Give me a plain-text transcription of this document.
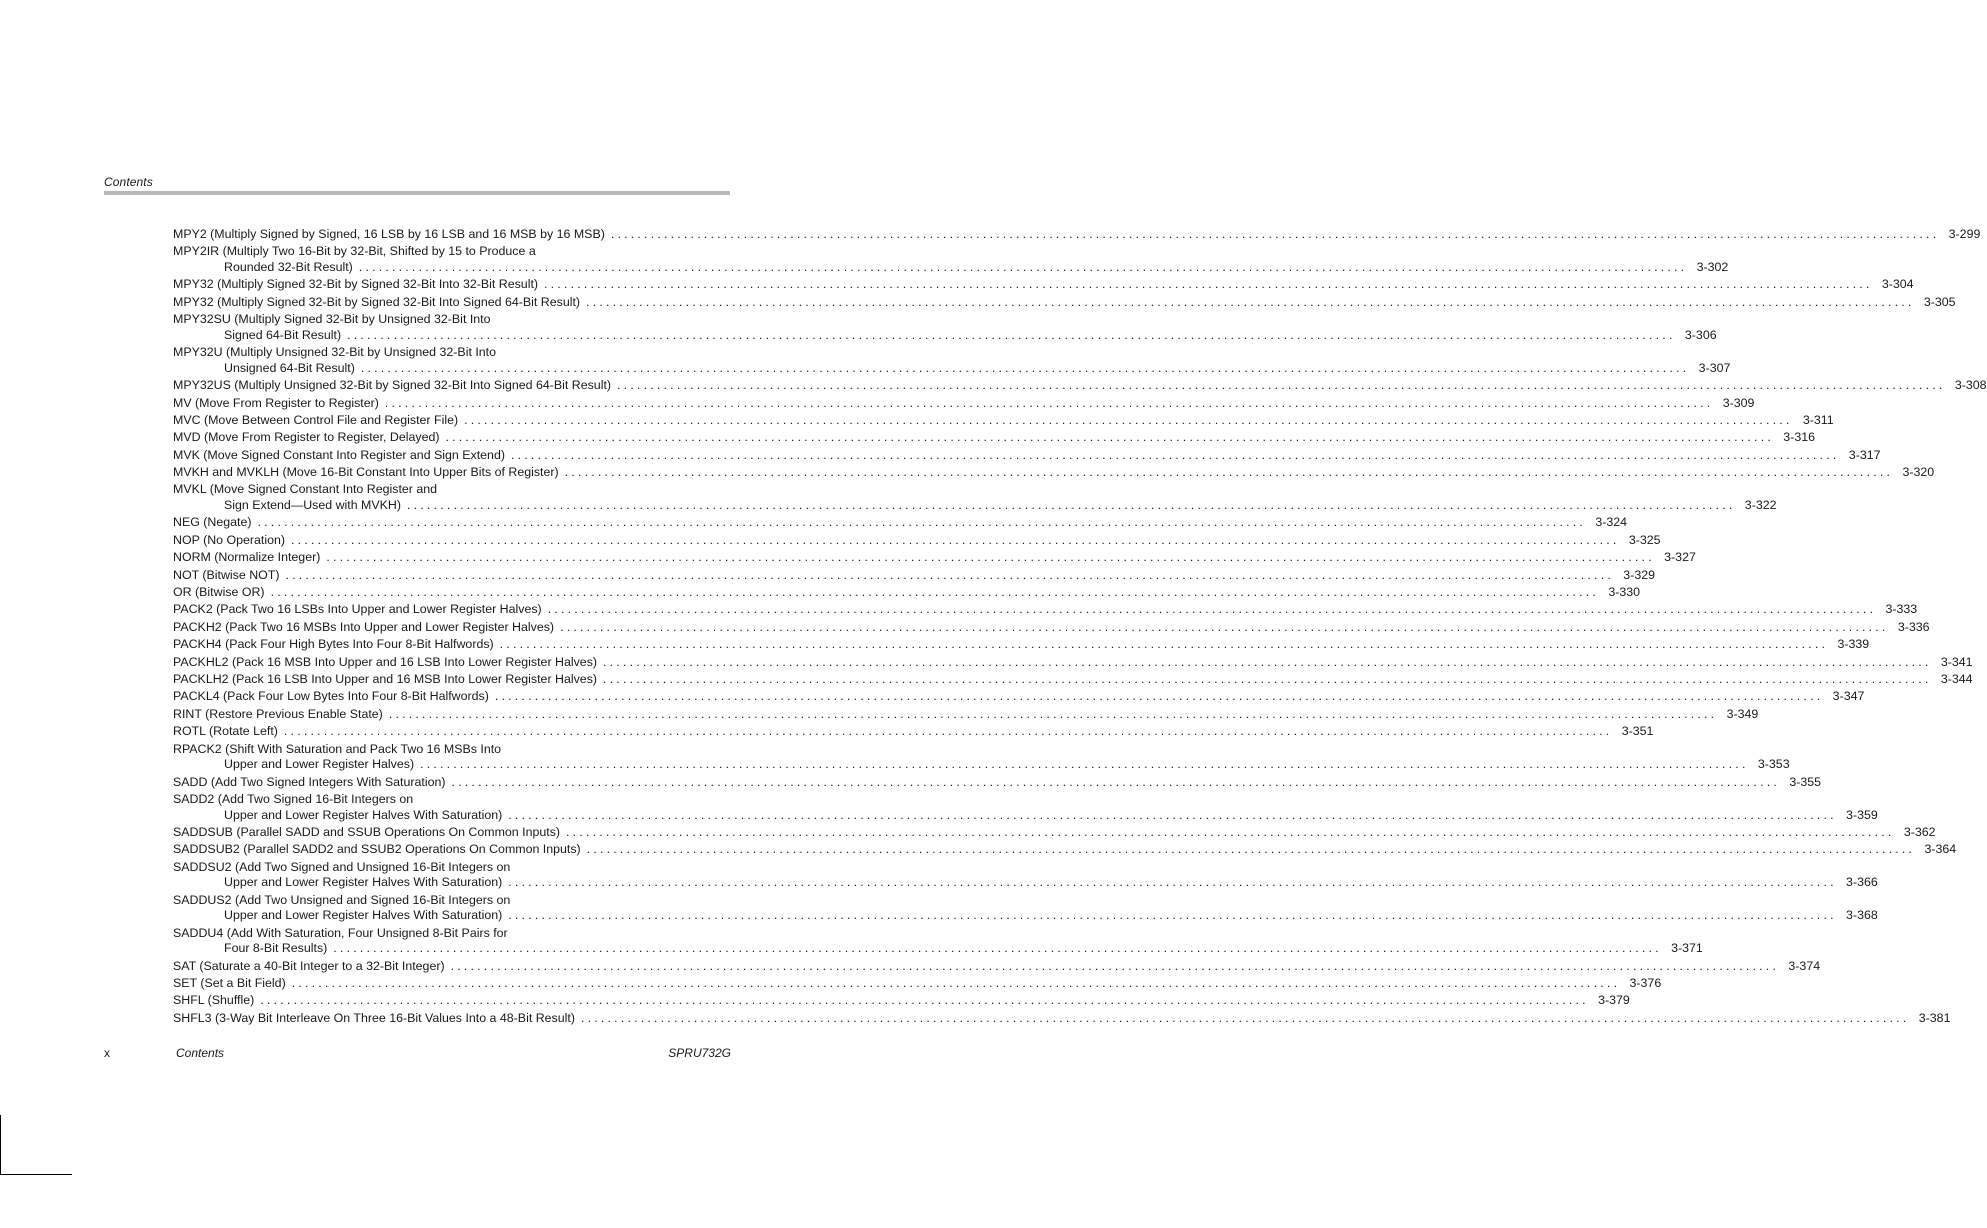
Contents
MPY2 (Multiply Signed by Signed, 16 LSB by 16 LSB and 16 MSB by 16 MSB) ........................................................................................................................................................................................................ 3-299
MPY2IR (Multiply Two 16-Bit by 32-Bit, Shifted by 15 to Produce a
Rounded 32-Bit Result) ........................................................................................................................................................................................................ 3-302
MPY32 (Multiply Signed 32-Bit by Signed 32-Bit Into 32-Bit Result) ........................................................................................................................................................................................................ 3-304
MPY32 (Multiply Signed 32-Bit by Signed 32-Bit Into Signed 64-Bit Result) ........................................................................................................................................................................................................ 3-305
MPY32SU (Multiply Signed 32-Bit by Unsigned 32-Bit Into
Signed 64-Bit Result) ........................................................................................................................................................................................................ 3-306
MPY32U (Multiply Unsigned 32-Bit by Unsigned 32-Bit Into
Unsigned 64-Bit Result) ........................................................................................................................................................................................................ 3-307
MPY32US (Multiply Unsigned 32-Bit by Signed 32-Bit Into Signed 64-Bit Result) ........................................................................................................................................................................................................ 3-308
MV (Move From Register to Register) ........................................................................................................................................................................................................ 3-309
MVC (Move Between Control File and Register File) ........................................................................................................................................................................................................ 3-311
MVD (Move From Register to Register, Delayed) ........................................................................................................................................................................................................ 3-316
MVK (Move Signed Constant Into Register and Sign Extend) ........................................................................................................................................................................................................ 3-317
MVKH and MVKLH (Move 16-Bit Constant Into Upper Bits of Register) ........................................................................................................................................................................................................ 3-320
MVKL (Move Signed Constant Into Register and
Sign Extend—Used with MVKH) ........................................................................................................................................................................................................ 3-322
NEG (Negate) ........................................................................................................................................................................................................ 3-324
NOP (No Operation) ........................................................................................................................................................................................................ 3-325
NORM (Normalize Integer) ........................................................................................................................................................................................................ 3-327
NOT (Bitwise NOT) ........................................................................................................................................................................................................ 3-329
OR (Bitwise OR) ........................................................................................................................................................................................................ 3-330
PACK2 (Pack Two 16 LSBs Into Upper and Lower Register Halves) ........................................................................................................................................................................................................ 3-333
PACKH2 (Pack Two 16 MSBs Into Upper and Lower Register Halves) ........................................................................................................................................................................................................ 3-336
PACKH4 (Pack Four High Bytes Into Four 8-Bit Halfwords) ........................................................................................................................................................................................................ 3-339
PACKHL2 (Pack 16 MSB Into Upper and 16 LSB Into Lower Register Halves) ........................................................................................................................................................................................................ 3-341
PACKLH2 (Pack 16 LSB Into Upper and 16 MSB Into Lower Register Halves) ........................................................................................................................................................................................................ 3-344
PACKL4 (Pack Four Low Bytes Into Four 8-Bit Halfwords) ........................................................................................................................................................................................................ 3-347
RINT (Restore Previous Enable State) ........................................................................................................................................................................................................ 3-349
ROTL (Rotate Left) ........................................................................................................................................................................................................ 3-351
RPACK2 (Shift With Saturation and Pack Two 16 MSBs Into
Upper and Lower Register Halves) ........................................................................................................................................................................................................ 3-353
SADD (Add Two Signed Integers With Saturation) ........................................................................................................................................................................................................ 3-355
SADD2 (Add Two Signed 16-Bit Integers on
Upper and Lower Register Halves With Saturation) ........................................................................................................................................................................................................ 3-359
SADDSUB (Parallel SADD and SSUB Operations On Common Inputs) ........................................................................................................................................................................................................ 3-362
SADDSUB2 (Parallel SADD2 and SSUB2 Operations On Common Inputs) ........................................................................................................................................................................................................ 3-364
SADDSU2 (Add Two Signed and Unsigned 16-Bit Integers on
Upper and Lower Register Halves With Saturation) ........................................................................................................................................................................................................ 3-366
SADDUS2 (Add Two Unsigned and Signed 16-Bit Integers on
Upper and Lower Register Halves With Saturation) ........................................................................................................................................................................................................ 3-368
SADDU4 (Add With Saturation, Four Unsigned 8-Bit Pairs for
Four 8-Bit Results) ........................................................................................................................................................................................................ 3-371
SAT (Saturate a 40-Bit Integer to a 32-Bit Integer) ........................................................................................................................................................................................................ 3-374
SET (Set a Bit Field) ........................................................................................................................................................................................................ 3-376
SHFL (Shuffle) ........................................................................................................................................................................................................ 3-379
SHFL3 (3-Way Bit Interleave On Three 16-Bit Values Into a 48-Bit Result) ........................................................................................................................................................................................................ 3-381
x	Contents	SPRU732G
